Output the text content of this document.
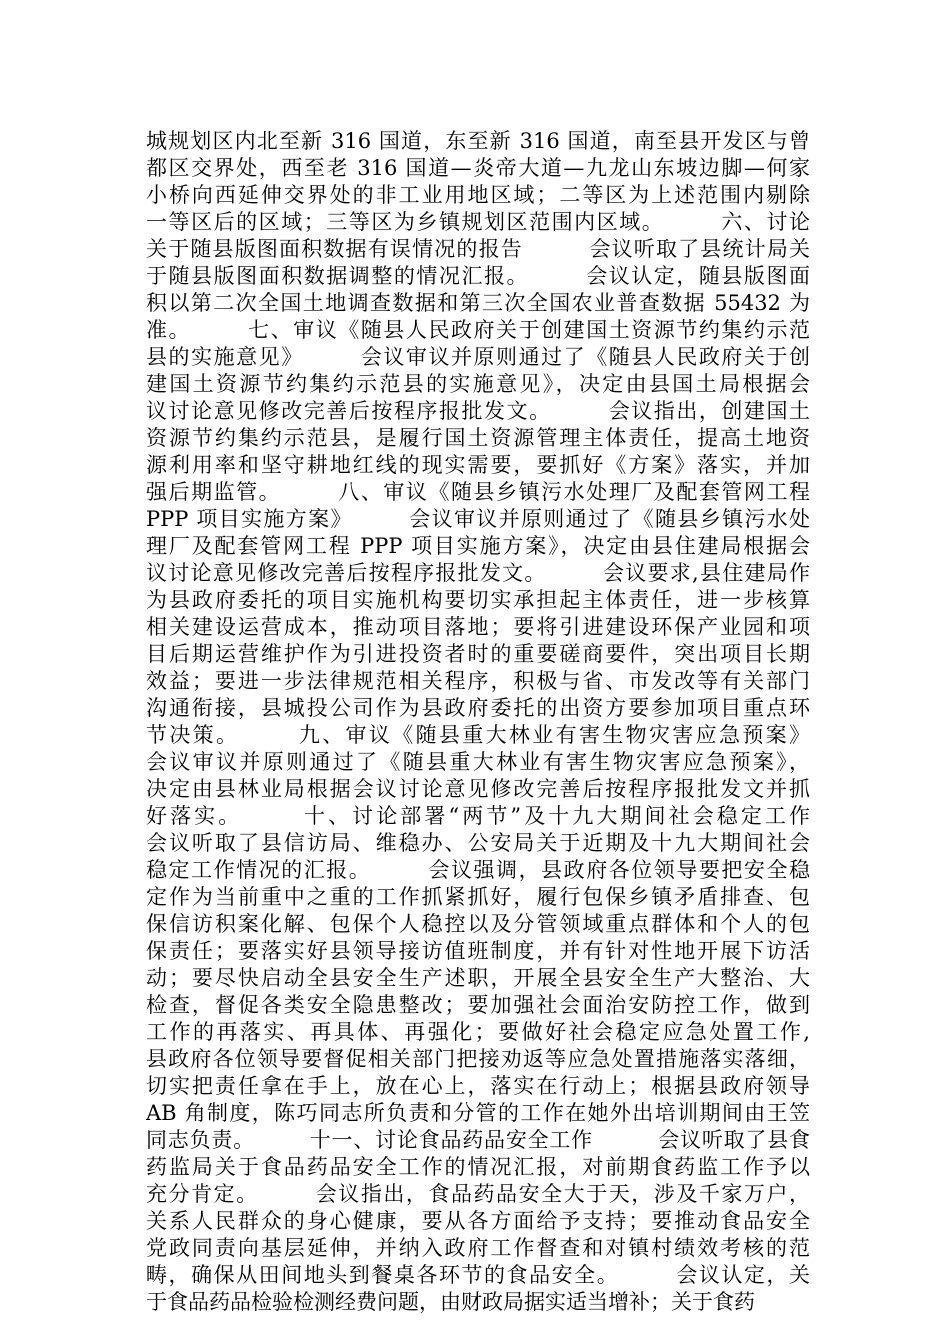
城规划区内北至新 316 国道，东至新 316 国道，南至县开发区与曾
都区交界处，西至老 316 国道—炎帝大道—九龙山东坡边脚—何家
小桥向西延伸交界处的非工业用地区域；二等区为上述范围内剔除
一等区后的区域；三等区为乡镇规划区范围内区域。　　　六、讨论
关于随县版图面积数据有误情况的报告　　　会议听取了县统计局关
于随县版图面积数据调整的情况汇报。　　　会议认定，随县版图面
积以第二次全国土地调查数据和第三次全国农业普查数据 55432 为
准。　　　七、审议《随县人民政府关于创建国土资源节约集约示范
县的实施意见》　　　会议审议并原则通过了《随县人民政府关于创
建国土资源节约集约示范县的实施意见》，决定由县国土局根据会
议讨论意见修改完善后按程序报批发文。　　　会议指出，创建国土
资源节约集约示范县，是履行国土资源管理主体责任，提高土地资
源利用率和坚守耕地红线的现实需要，要抓好《方案》落实，并加
强后期监管。　　　八、审议《随县乡镇污水处理厂及配套管网工程
PPP 项目实施方案》　　　会议审议并原则通过了《随县乡镇污水处
理厂及配套管网工程 PPP 项目实施方案》，决定由县住建局根据会
议讨论意见修改完善后按程序报批发文。　　　会议要求,县住建局作
为县政府委托的项目实施机构要切实承担起主体责任，进一步核算
相关建设运营成本，推动项目落地；要将引进建设环保产业园和项
目后期运营维护作为引进投资者时的重要磋商要件，突出项目长期
效益；要进一步法律规范相关程序，积极与省、市发改等有关部门
沟通衔接，县城投公司作为县政府委托的出资方要参加项目重点环
节决策。　　　九、审议《随县重大林业有害生物灾害应急预案》
会议审议并原则通过了《随县重大林业有害生物灾害应急预案》，
决定由县林业局根据会议讨论意见修改完善后按程序报批发文并抓
好落实。　　　十、讨论部署“两节”及十九大期间社会稳定工作
会议听取了县信访局、维稳办、公安局关于近期及十九大期间社会
稳定工作情况的汇报。　　　会议强调，县政府各位领导要把安全稳
定作为当前重中之重的工作抓紧抓好，履行包保乡镇矛盾排查、包
保信访积案化解、包保个人稳控以及分管领域重点群体和个人的包
保责任；要落实好县领导接访值班制度，并有针对性地开展下访活
动；要尽快启动全县安全生产述职，开展全县安全生产大整治、大
检查，督促各类安全隐患整改；要加强社会面治安防控工作，做到
工作的再落实、再具体、再强化；要做好社会稳定应急处置工作,
县政府各位领导要督促相关部门把接劝返等应急处置措施落实落细，
切实把责任拿在手上，放在心上，落实在行动上；根据县政府领导
AB 角制度，陈巧同志所负责和分管的工作在她外出培训期间由王笠
同志负责。　　　十一、讨论食品药品安全工作　　　会议听取了县食
药监局关于食品药品安全工作的情况汇报，对前期食药监工作予以
充分肯定。　　　会议指出，食品药品安全大于天，涉及千家万户，
关系人民群众的身心健康，要从各方面给予支持；要推动食品安全
党政同责向基层延伸，并纳入政府工作督查和对镇村绩效考核的范
畴，确保从田间地头到餐桌各环节的食品安全。　　　会议认定，关
于食品药品检验检测经费问题，由财政局据实适当增补；关于食药
